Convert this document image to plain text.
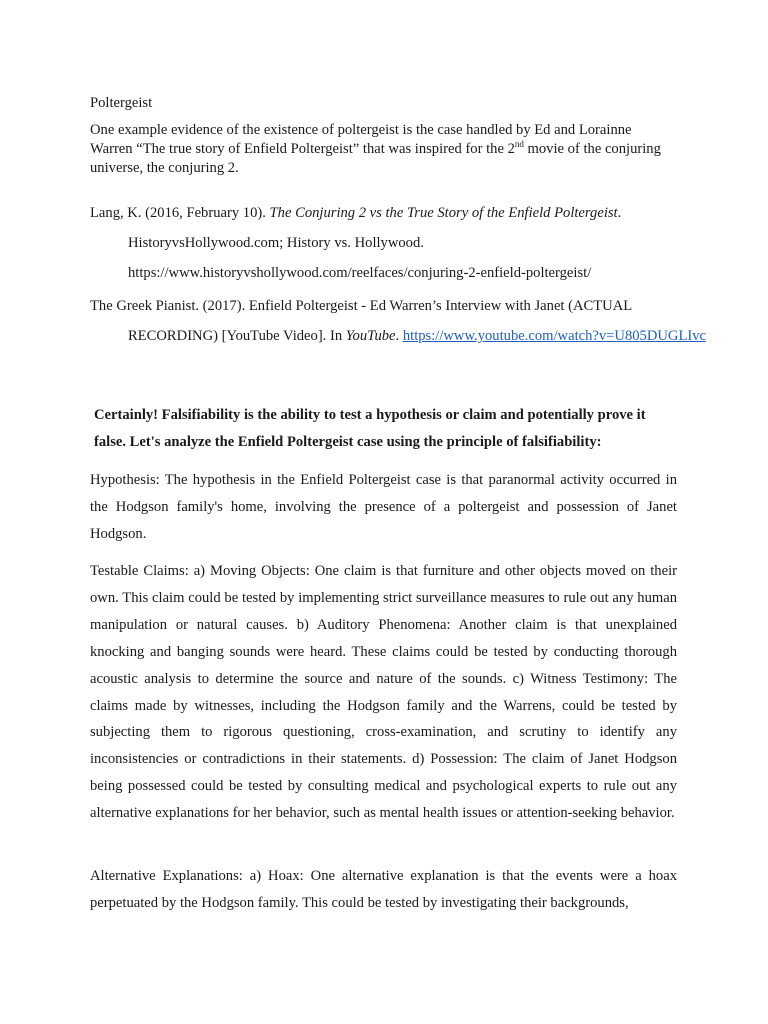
Poltergeist

One example evidence of the existence of poltergeist is the case handled by Ed and Lorainne Warren “The true story of Enfield Poltergeist” that was inspired for the 2nd movie of the conjuring universe, the conjuring 2.

Lang, K. (2016, February 10). The Conjuring 2 vs the True Story of the Enfield Poltergeist. HistoryvsHollywood.com; History vs. Hollywood. https://www.historyvshollywood.com/reelfaces/conjuring-2-enfield-poltergeist/

The Greek Pianist. (2017). Enfield Poltergeist - Ed Warren’s Interview with Janet (ACTUAL RECORDING) [YouTube Video]. In YouTube. https://www.youtube.com/watch?v=U805DUGLIvc

Certainly! Falsifiability is the ability to test a hypothesis or claim and potentially prove it false. Let's analyze the Enfield Poltergeist case using the principle of falsifiability:

Hypothesis: The hypothesis in the Enfield Poltergeist case is that paranormal activity occurred in the Hodgson family's home, involving the presence of a poltergeist and possession of Janet Hodgson.

Testable Claims: a) Moving Objects: One claim is that furniture and other objects moved on their own. This claim could be tested by implementing strict surveillance measures to rule out any human manipulation or natural causes. b) Auditory Phenomena: Another claim is that unexplained knocking and banging sounds were heard. These claims could be tested by conducting thorough acoustic analysis to determine the source and nature of the sounds. c) Witness Testimony: The claims made by witnesses, including the Hodgson family and the Warrens, could be tested by subjecting them to rigorous questioning, cross-examination, and scrutiny to identify any inconsistencies or contradictions in their statements. d) Possession: The claim of Janet Hodgson being possessed could be tested by consulting medical and psychological experts to rule out any alternative explanations for her behavior, such as mental health issues or attention-seeking behavior.

Alternative Explanations: a) Hoax: One alternative explanation is that the events were a hoax perpetuated by the Hodgson family. This could be tested by investigating their backgrounds,
